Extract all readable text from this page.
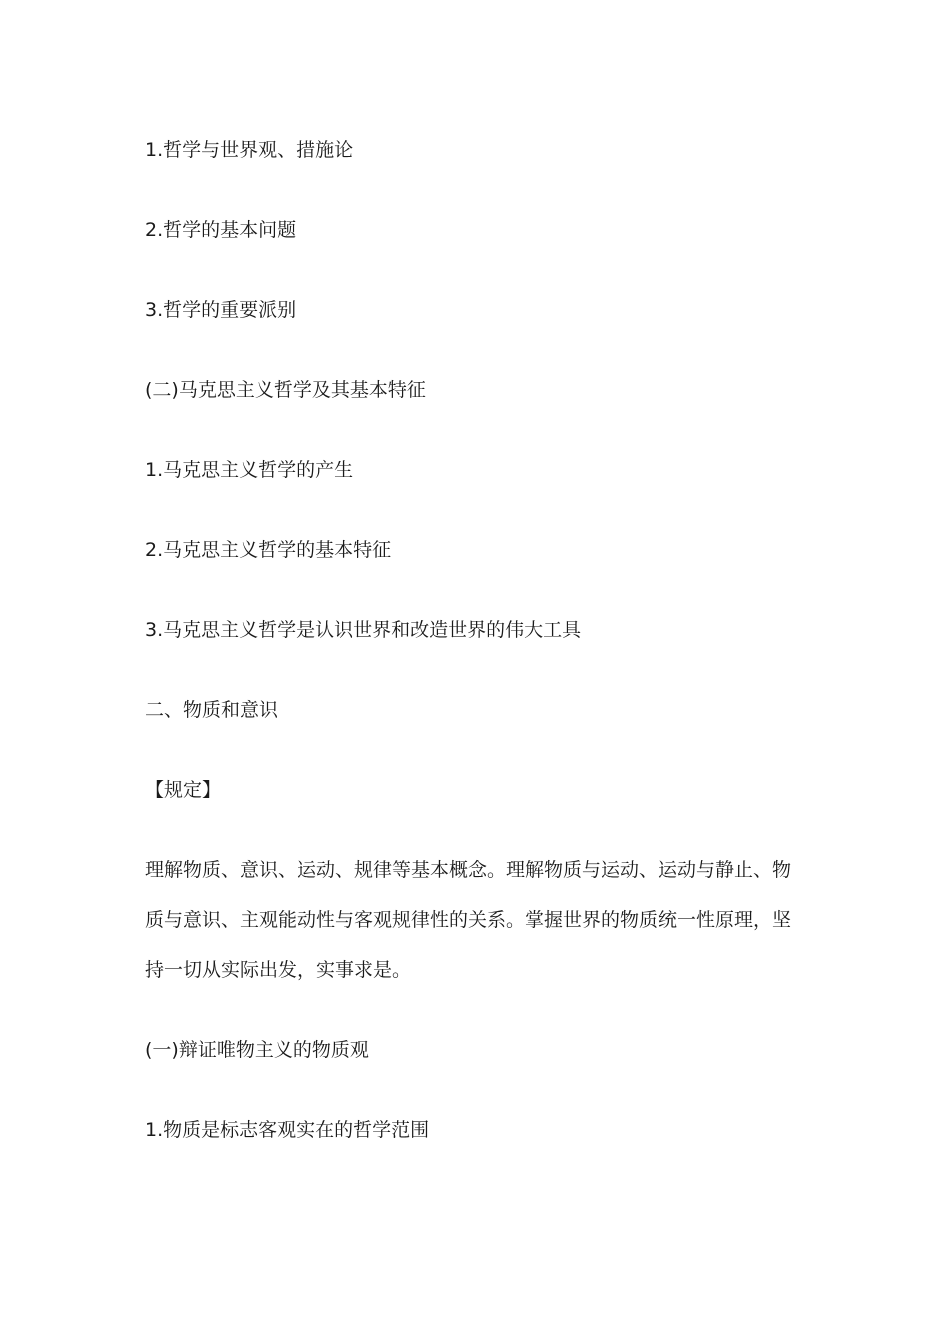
1.哲学与世界观、措施论
2.哲学的基本问题
3.哲学的重要派别
(二)马克思主义哲学及其基本特征
1.马克思主义哲学的产生
2.马克思主义哲学的基本特征
3.马克思主义哲学是认识世界和改造世界的伟大工具
二、物质和意识
【规定】
理解物质、意识、运动、规律等基本概念。理解物质与运动、运动与静止、物
质与意识、主观能动性与客观规律性的关系。掌握世界的物质统一性原理，坚
持一切从实际出发，实事求是。
(一)辩证唯物主义的物质观
1.物质是标志客观实在的哲学范围
